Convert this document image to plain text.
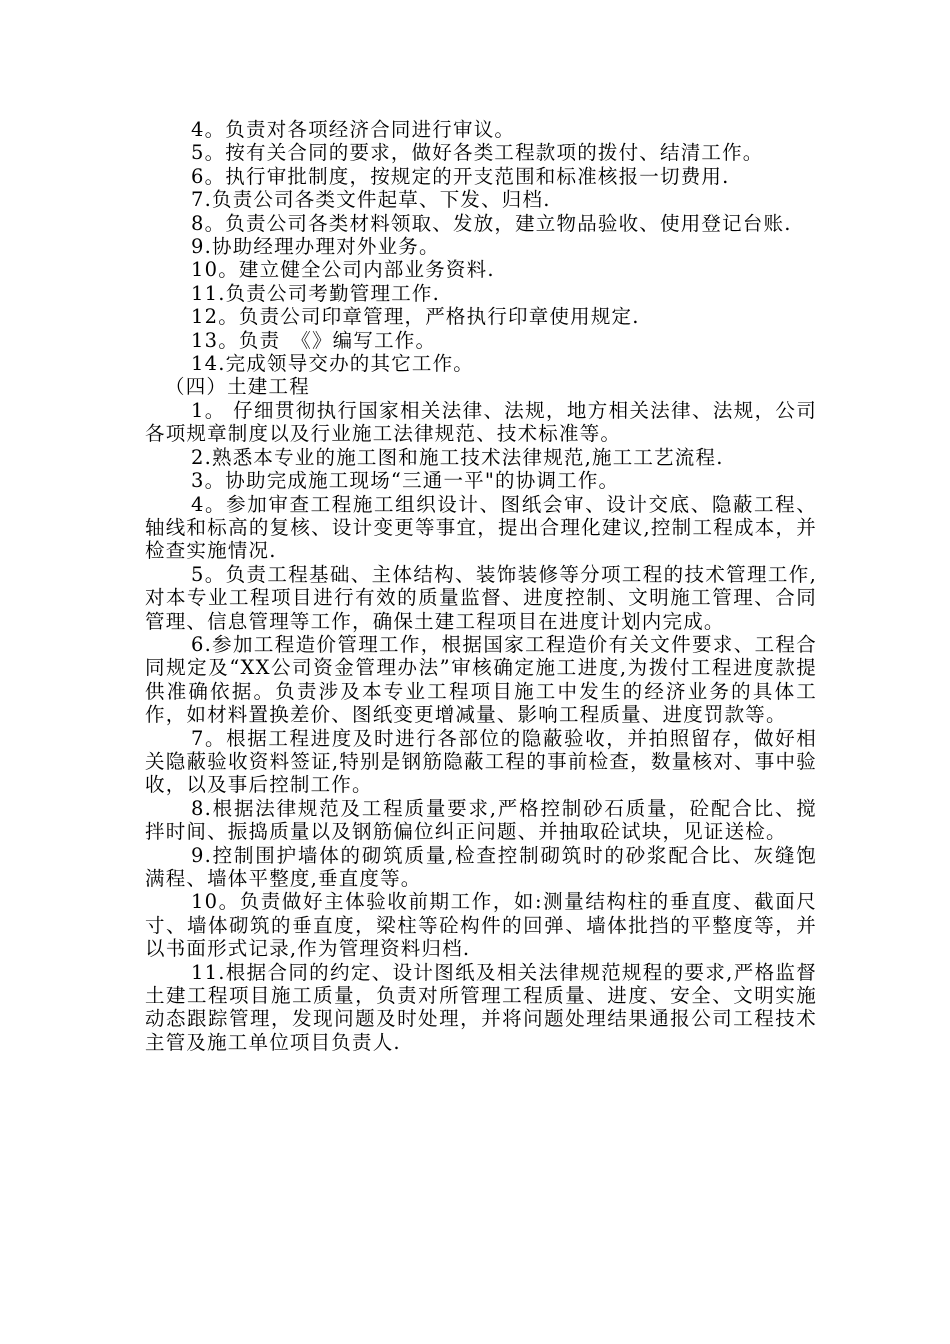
4。负责对各项经济合同进行审议。

5。按有关合同的要求，做好各类工程款项的拨付、结清工作。

6。执行审批制度，按规定的开支范围和标准核报一切费用.

7.负责公司各类文件起草、下发、归档.

8。负责公司各类材料领取、发放，建立物品验收、使用登记台账.

9.协助经理办理对外业务。

10。建立健全公司内部业务资料.

11.负责公司考勤管理工作.

12。负责公司印章管理，严格执行印章使用规定.

13。负责　《》编写工作。

14.完成领导交办的其它工作。

（四）土建工程

1。 仔细贯彻执行国家相关法律、法规，地方相关法律、法规，公司各项规章制度以及行业施工法律规范、技术标准等。

2.熟悉本专业的施工图和施工技术法律规范,施工工艺流程.

3。协助完成施工现场“三通一平"的协调工作。

4。参加审查工程施工组织设计、图纸会审、设计交底、隐蔽工程、轴线和标高的复核、设计变更等事宜，提出合理化建议,控制工程成本，并检查实施情况.

5。负责工程基础、主体结构、装饰装修等分项工程的技术管理工作,对本专业工程项目进行有效的质量监督、进度控制、文明施工管理、合同管理、信息管理等工作，确保土建工程项目在进度计划内完成。

6.参加工程造价管理工作，根据国家工程造价有关文件要求、工程合同规定及“XX公司资金管理办法”审核确定施工进度,为拨付工程进度款提供准确依据。负责涉及本专业工程项目施工中发生的经济业务的具体工作，如材料置换差价、图纸变更增减量、影响工程质量、进度罚款等。

7。根据工程进度及时进行各部位的隐蔽验收，并拍照留存，做好相关隐蔽验收资料签证,特别是钢筋隐蔽工程的事前检查，数量核对、事中验收，以及事后控制工作。

8.根据法律规范及工程质量要求,严格控制砂石质量，砼配合比、搅拌时间、振捣质量以及钢筋偏位纠正问题、并抽取砼试块，见证送检。

9.控制围护墙体的砌筑质量,检查控制砌筑时的砂浆配合比、灰缝饱满程、墙体平整度,垂直度等。

10。负责做好主体验收前期工作，如:测量结构柱的垂直度、截面尺寸、墙体砌筑的垂直度，梁柱等砼构件的回弹、墙体批挡的平整度等，并以书面形式记录,作为管理资料归档.

11.根据合同的约定、设计图纸及相关法律规范规程的要求,严格监督土建工程项目施工质量，负责对所管理工程质量、进度、安全、文明实施动态跟踪管理，发现问题及时处理，并将问题处理结果通报公司工程技术主管及施工单位项目负责人.
